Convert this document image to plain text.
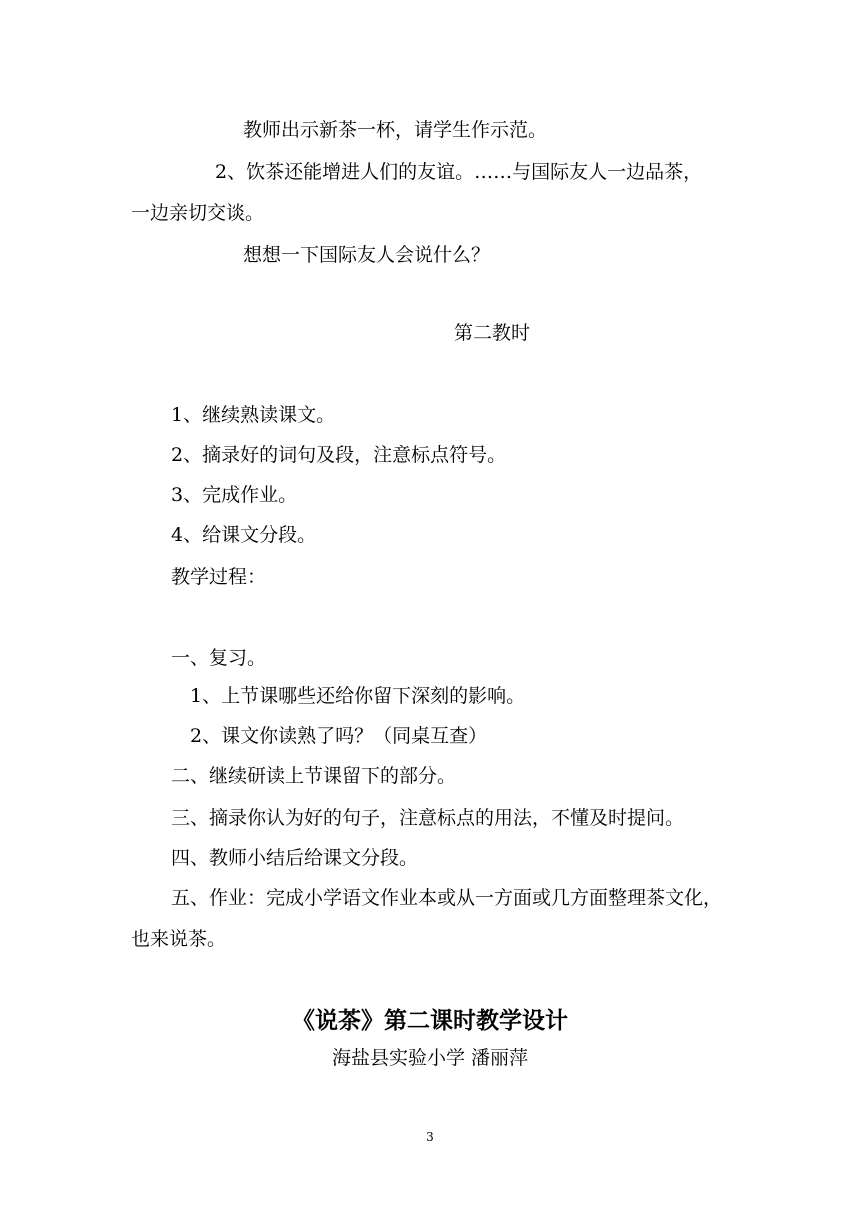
教师出示新茶一杯，请学生作示范。
2、饮茶还能增进人们的友谊。……与国际友人一边品茶，
一边亲切交谈。
想想一下国际友人会说什么？
第二教时
1、继续熟读课文。
2、摘录好的词句及段，注意标点符号。
3、完成作业。
4、给课文分段。
教学过程：
一、复习。
1、上节课哪些还给你留下深刻的影响。
2、课文你读熟了吗？（同桌互查）
二、继续研读上节课留下的部分。
三、摘录你认为好的句子，注意标点的用法，不懂及时提问。
四、教师小结后给课文分段。
五、作业：完成小学语文作业本或从一方面或几方面整理茶文化，
也来说茶。
《说茶》第二课时教学设计
海盐县实验小学 潘丽萍
3
